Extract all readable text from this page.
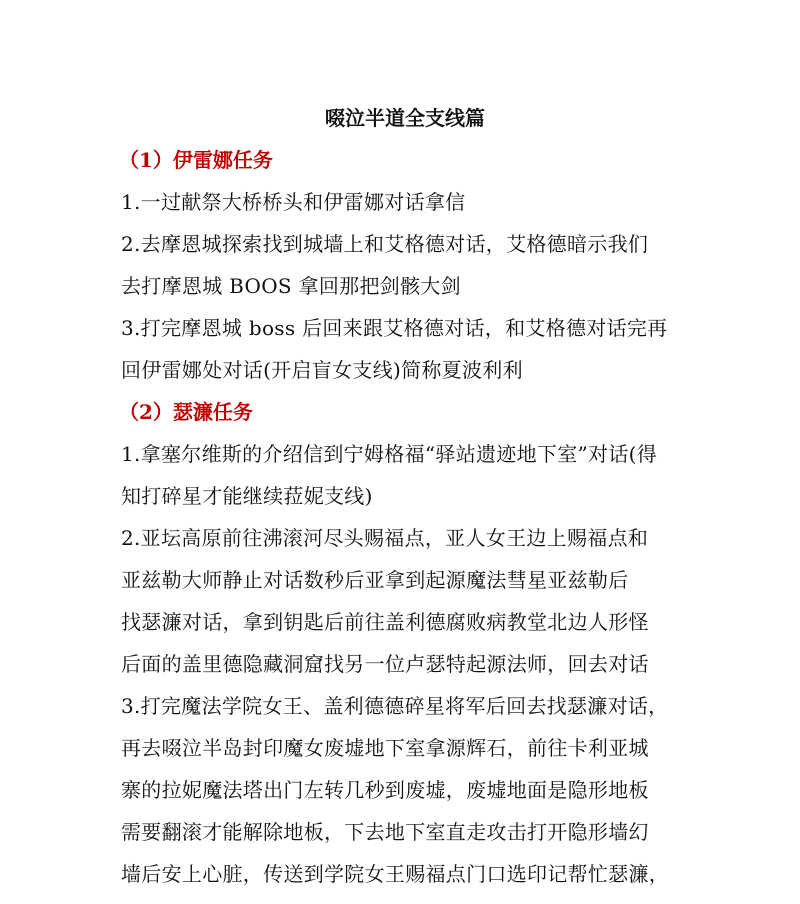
啜泣半道全支线篇
（1）伊雷娜任务
1.一过献祭大桥桥头和伊雷娜对话拿信
2.去摩恩城探索找到城墙上和艾格德对话，艾格德暗示我们
去打摩恩城 BOOS 拿回那把剑骸大剑
3.打完摩恩城 boss 后回来跟艾格德对话，和艾格德对话完再
回伊雷娜处对话(开启盲女支线)简称夏波利利
（2）瑟濂任务
1.拿塞尔维斯的介绍信到宁姆格福“驿站遗迹地下室”对话(得
知打碎星才能继续菈妮支线)
2.亚坛高原前往沸滚河尽头赐福点，亚人女王边上赐福点和
亚兹勒大师静止对话数秒后亚拿到起源魔法彗星亚兹勒后
找瑟濂对话，拿到钥匙后前往盖利德腐败病教堂北边人形怪
后面的盖里德隐藏洞窟找另一位卢瑟特起源法师，回去对话
3.打完魔法学院女王、盖利德德碎星将军后回去找瑟濂对话，
再去啜泣半岛封印魔女废墟地下室拿源辉石，前往卡利亚城
寨的拉妮魔法塔出门左转几秒到废墟，废墟地面是隐形地板
需要翻滚才能解除地板，下去地下室直走攻击打开隐形墙幻
墙后安上心脏，传送到学院女王赐福点门口选印记帮忙瑟濂，
